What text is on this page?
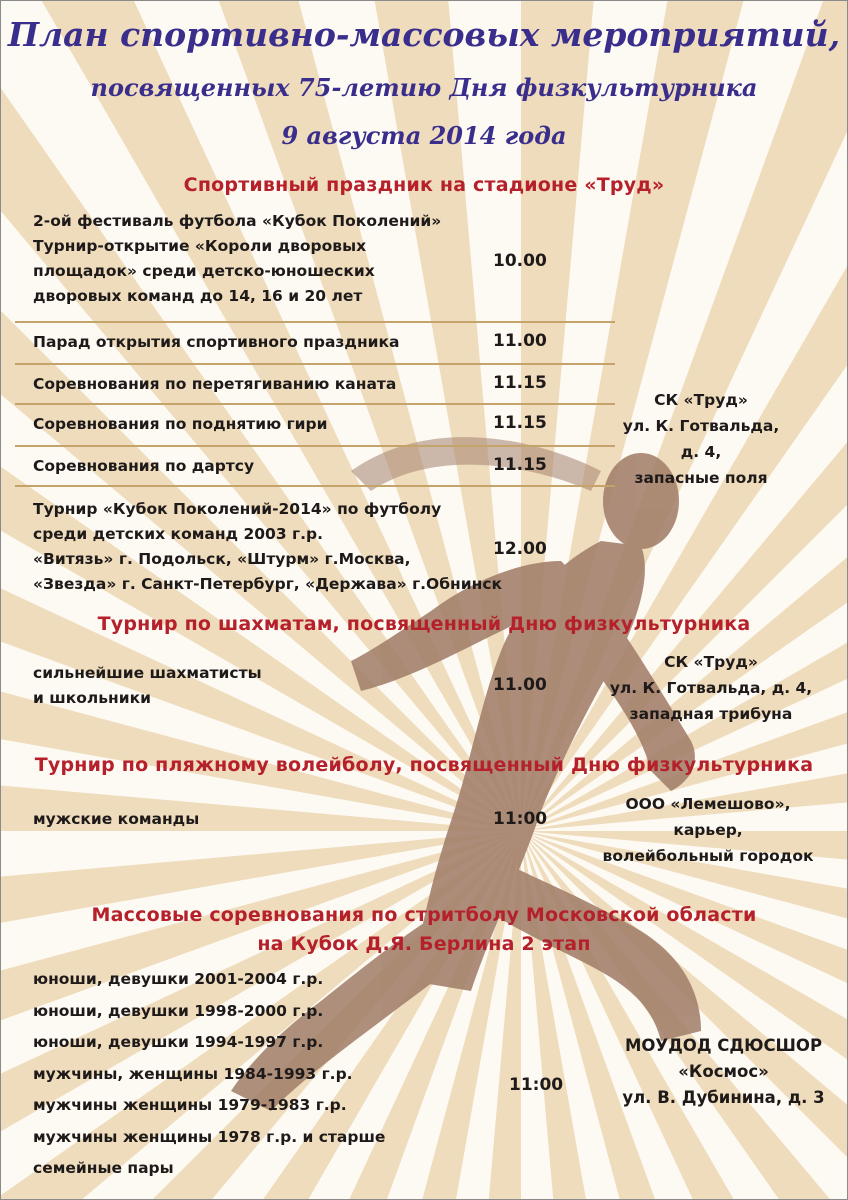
План спортивно-массовых мероприятий,
посвященных 75-летию Дня физкультурника
9 августа 2014 года
Спортивный праздник на стадионе «Труд»
2-ой фестиваль футбола «Кубок Поколений»
Турнир-открытие «Короли дворовых
площадок» среди детско-юношеских
дворовых команд до 14, 16 и 20 лет
10.00
Парад открытия спортивного праздника	11.00
Соревнования по перетягиванию каната	11.15
Соревнования по поднятию гири	11.15
Соревнования по дартсу	11.15
Турнир «Кубок Поколений-2014» по футболу
среди детских команд 2003 г.р.
«Витязь» г. Подольск, «Штурм» г.Москва,
«Звезда» г. Санкт-Петербург, «Держава» г.Обнинск
12.00
СК «Труд»
ул. К. Готвальда,
д. 4,
запасные поля
Турнир по шахматам, посвященный Дню физкультурника
сильнейшие шахматисты
и школьники
11.00
СК «Труд»
ул. К. Готвальда, д. 4,
западная трибуна
Турнир по пляжному волейболу, посвященный Дню физкультурника
мужские команды	11:00
ООО «Лемешово»,
карьер,
волейбольный городок
Массовые соревнования по стритболу Московской области
на Кубок Д.Я. Берлина 2 этап
юноши, девушки 2001-2004 г.р.
юноши, девушки 1998-2000 г.р.
юноши, девушки 1994-1997 г.р.
мужчины, женщины 1984-1993 г.р.
мужчины женщины 1979-1983 г.р.
мужчины женщины 1978 г.р. и старше
семейные пары
11:00
МОУДОД СДЮСШОР
«Космос»
ул. В. Дубинина, д. 3
